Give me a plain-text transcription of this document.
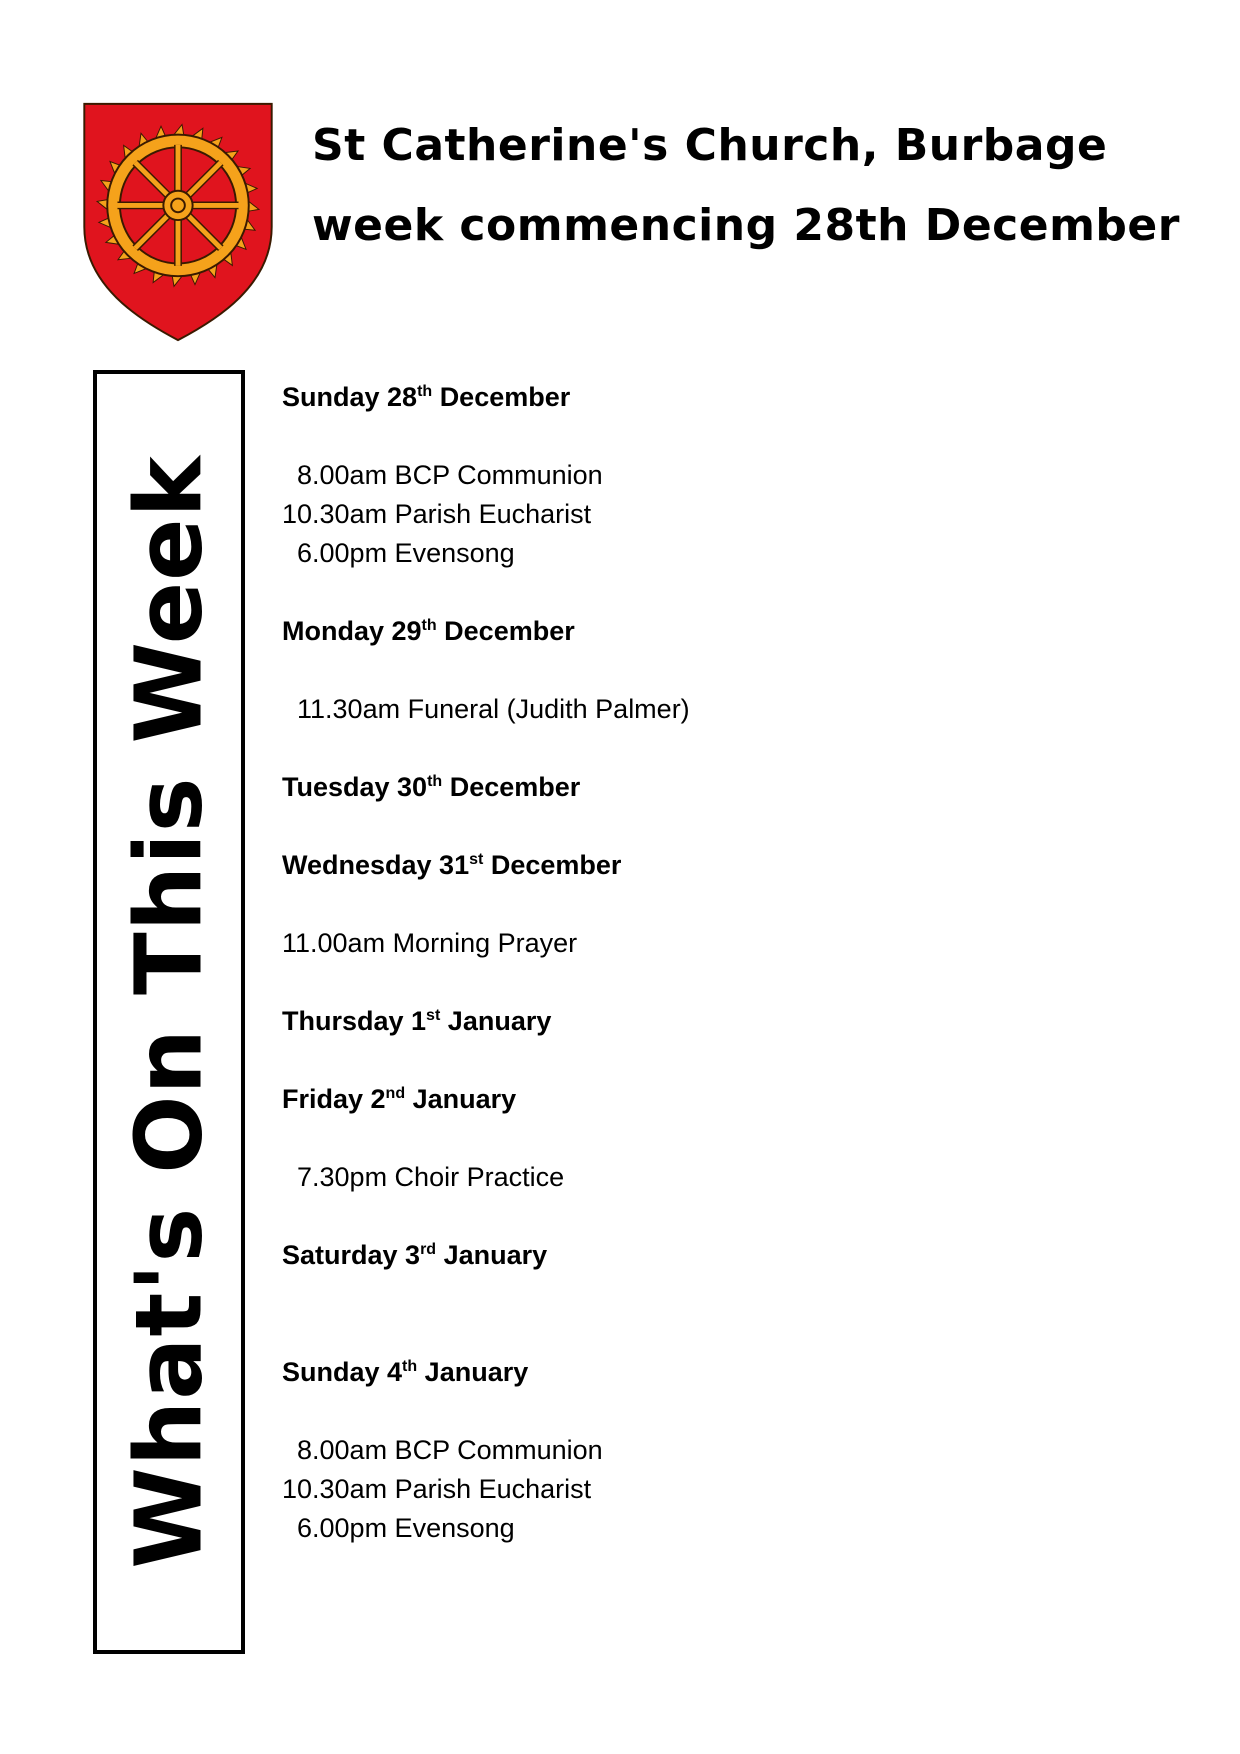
St Catherine's Church, Burbage
week commencing 28th December
What's On This Week
Sunday 28th December
8.00am BCP Communion
10.30am Parish Eucharist
6.00pm Evensong
Monday 29th December
11.30am Funeral (Judith Palmer)
Tuesday 30th December
Wednesday 31st December
11.00am Morning Prayer
Thursday 1st January
Friday 2nd January
7.30pm Choir Practice
Saturday 3rd January
Sunday 4th January
8.00am BCP Communion
10.30am Parish Eucharist
6.00pm Evensong
